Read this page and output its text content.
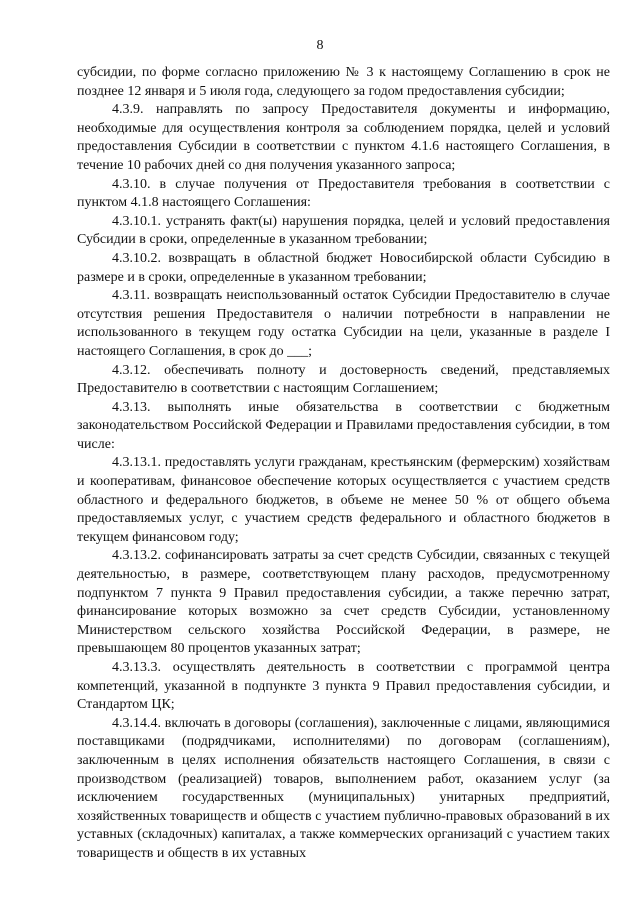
8

субсидии, по форме согласно приложению № 3 к настоящему Соглашению в срок не позднее 12 января и 5 июля года, следующего за годом предоставления субсидии;

4.3.9. направлять по запросу Предоставителя документы и информацию, необходимые для осуществления контроля за соблюдением порядка, целей и условий предоставления Субсидии в соответствии с пунктом 4.1.6 настоящего Соглашения, в течение 10 рабочих дней со дня получения указанного запроса;

4.3.10. в случае получения от Предоставителя требования в соответствии с пунктом 4.1.8 настоящего Соглашения:

4.3.10.1. устранять факт(ы) нарушения порядка, целей и условий предоставления Субсидии в сроки, определенные в указанном требовании;

4.3.10.2. возвращать в областной бюджет Новосибирской области Субсидию в размере и в сроки, определенные в указанном требовании;

4.3.11. возвращать неиспользованный остаток Субсидии Предоставителю в случае отсутствия решения Предоставителя о наличии потребности в направлении не использованного в текущем году остатка Субсидии на цели, указанные в разделе I настоящего Соглашения, в срок до ___;

4.3.12. обеспечивать полноту и достоверность сведений, представляемых Предоставителю в соответствии с настоящим Соглашением;

4.3.13. выполнять иные обязательства в соответствии с бюджетным законодательством Российской Федерации и Правилами предоставления субсидии, в том числе:

4.3.13.1. предоставлять услуги гражданам, крестьянским (фермерским) хозяйствам и кооперативам, финансовое обеспечение которых осуществляется с участием средств областного и федерального бюджетов, в объеме не менее 50 % от общего объема предоставляемых услуг, с участием средств федерального и областного бюджетов в текущем финансовом году;

4.3.13.2. софинансировать затраты за счет средств Субсидии, связанных с текущей деятельностью, в размере, соответствующем плану расходов, предусмотренному подпунктом 7 пункта 9 Правил предоставления субсидии, а также перечню затрат, финансирование которых возможно за счет средств Субсидии, установленному Министерством сельского хозяйства Российской Федерации, в размере, не превышающем 80 процентов указанных затрат;

4.3.13.3. осуществлять деятельность в соответствии с программой центра компетенций, указанной в подпункте 3 пункта 9 Правил предоставления субсидии, и Стандартом ЦК;

4.3.14.4. включать в договоры (соглашения), заключенные с лицами, являющимися поставщиками (подрядчиками, исполнителями) по договорам (соглашениям), заключенным в целях исполнения обязательств настоящего Соглашения, в связи с производством (реализацией) товаров, выполнением работ, оказанием услуг (за исключением государственных (муниципальных) унитарных предприятий, хозяйственных товариществ и обществ с участием публично-правовых образований в их уставных (складочных) капиталах, а также коммерческих организаций с участием таких товариществ и обществ в их уставных
